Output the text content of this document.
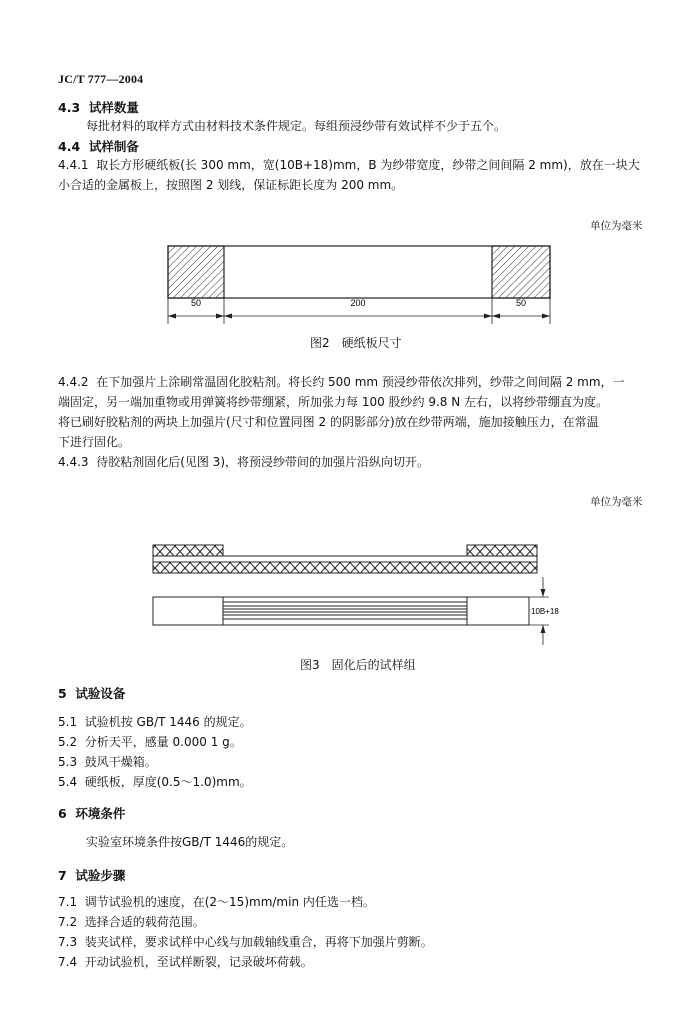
JC/T 777—2004
4.3 试样数量
每批材料的取样方式由材料技术条件规定。每组预浸纱带有效试样不少于五个。
4.4 试样制备
4.4.1 取长方形硬纸板(长 300 mm，宽(10B+18)mm，B 为纱带宽度，纱带之间间隔 2 mm)，放在一块大
小合适的金属板上，按照图 2 划线，保证标距长度为 200 mm。
单位为毫米
50	200	50
图2　硬纸板尺寸
4.4.2 在下加强片上涂刷常温固化胶粘剂。将长约 500 mm 预浸纱带依次排列，纱带之间间隔 2 mm，一
端固定，另一端加重物或用弹簧将纱带绷紧，所加张力每 100 股纱约 9.8 N 左右，以将纱带绷直为度。
将已刷好胶粘剂的两块上加强片(尺寸和位置同图 2 的阴影部分)放在纱带两端，施加接触压力，在常温
下进行固化。
4.4.3 待胶粘剂固化后(见图 3)，将预浸纱带间的加强片沿纵向切开。
单位为毫米
10B+18
图3　固化后的试样组
5 试验设备
5.1 试验机按 GB/T 1446 的规定。
5.2 分析天平，感量 0.000 1 g。
5.3 鼓风干燥箱。
5.4 硬纸板，厚度(0.5～1.0)mm。
6 环境条件
实验室环境条件按GB/T 1446的规定。
7 试验步骤
7.1 调节试验机的速度，在(2～15)mm/min 内任选一档。
7.2 选择合适的载荷范围。
7.3 装夹试样，要求试样中心线与加载轴线重合，再将下加强片剪断。
7.4 开动试验机，至试样断裂，记录破坏荷载。
